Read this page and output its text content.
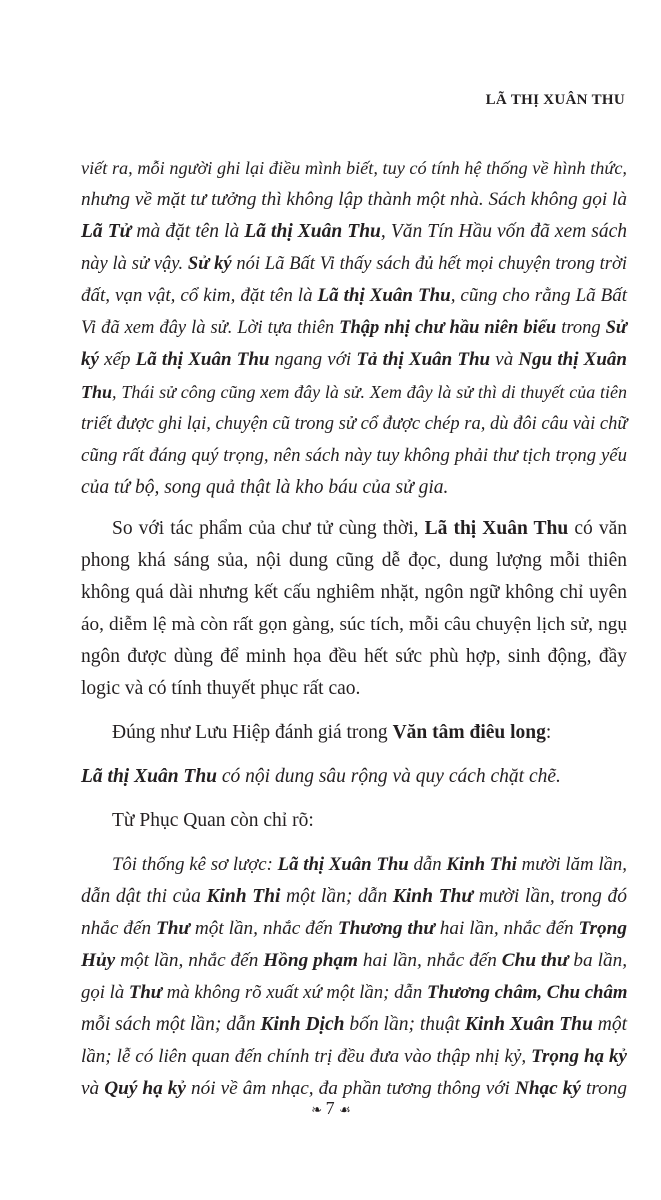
LÃ THỊ XUÂN THU
viết ra, mỗi người ghi lại điều mình biết, tuy có tính hệ thống về hình thức,
nhưng về mặt tư tưởng thì không lập thành một nhà. Sách không gọi là
Lã Tử mà đặt tên là Lã thị Xuân Thu, Văn Tín Hầu vốn đã xem sách
này là sử vậy. Sử ký nói Lã Bất Vi thấy sách đủ hết mọi chuyện trong trời
đất, vạn vật, cổ kim, đặt tên là Lã thị Xuân Thu, cũng cho rằng Lã Bất
Vi đã xem đây là sử. Lời tựa thiên Thập nhị chư hầu niên biểu trong Sử
ký xếp Lã thị Xuân Thu ngang với Tả thị Xuân Thu và Ngu thị Xuân
Thu, Thái sử công cũng xem đây là sử. Xem đây là sử thì di thuyết của tiên
triết được ghi lại, chuyện cũ trong sử cổ được chép ra, dù đôi câu vài chữ
cũng rất đáng quý trọng, nên sách này tuy không phải thư tịch trọng yếu
của tứ bộ, song quả thật là kho báu của sử gia.
So với tác phẩm của chư tử cùng thời, Lã thị Xuân Thu có văn
phong khá sáng sủa, nội dung cũng dễ đọc, dung lượng mỗi thiên
không quá dài nhưng kết cấu nghiêm nhặt, ngôn ngữ không chỉ uyên
áo, diễm lệ mà còn rất gọn gàng, súc tích, mỗi câu chuyện lịch sử, ngụ
ngôn được dùng để minh họa đều hết sức phù hợp, sinh động, đầy
logic và có tính thuyết phục rất cao.
Đúng như Lưu Hiệp đánh giá trong Văn tâm điêu long:
Lã thị Xuân Thu có nội dung sâu rộng và quy cách chặt chẽ.
Từ Phục Quan còn chỉ rõ:
Tôi thống kê sơ lược: Lã thị Xuân Thu dẫn Kinh Thi mười lăm lần,
dẫn dật thi của Kinh Thi một lần; dẫn Kinh Thư mười lần, trong đó
nhắc đến Thư một lần, nhắc đến Thương thư hai lần, nhắc đến Trọng
Hủy một lần, nhắc đến Hồng phạm hai lần, nhắc đến Chu thư ba lần,
gọi là Thư mà không rõ xuất xứ một lần; dẫn Thương châm, Chu châm
mỗi sách một lần; dẫn Kinh Dịch bốn lần; thuật Kinh Xuân Thu một
lần; lễ có liên quan đến chính trị đều đưa vào thập nhị kỷ, Trọng hạ kỷ
và Quý hạ kỷ nói về âm nhạc, đa phần tương thông với Nhạc ký trong
❧ 7 ☙
